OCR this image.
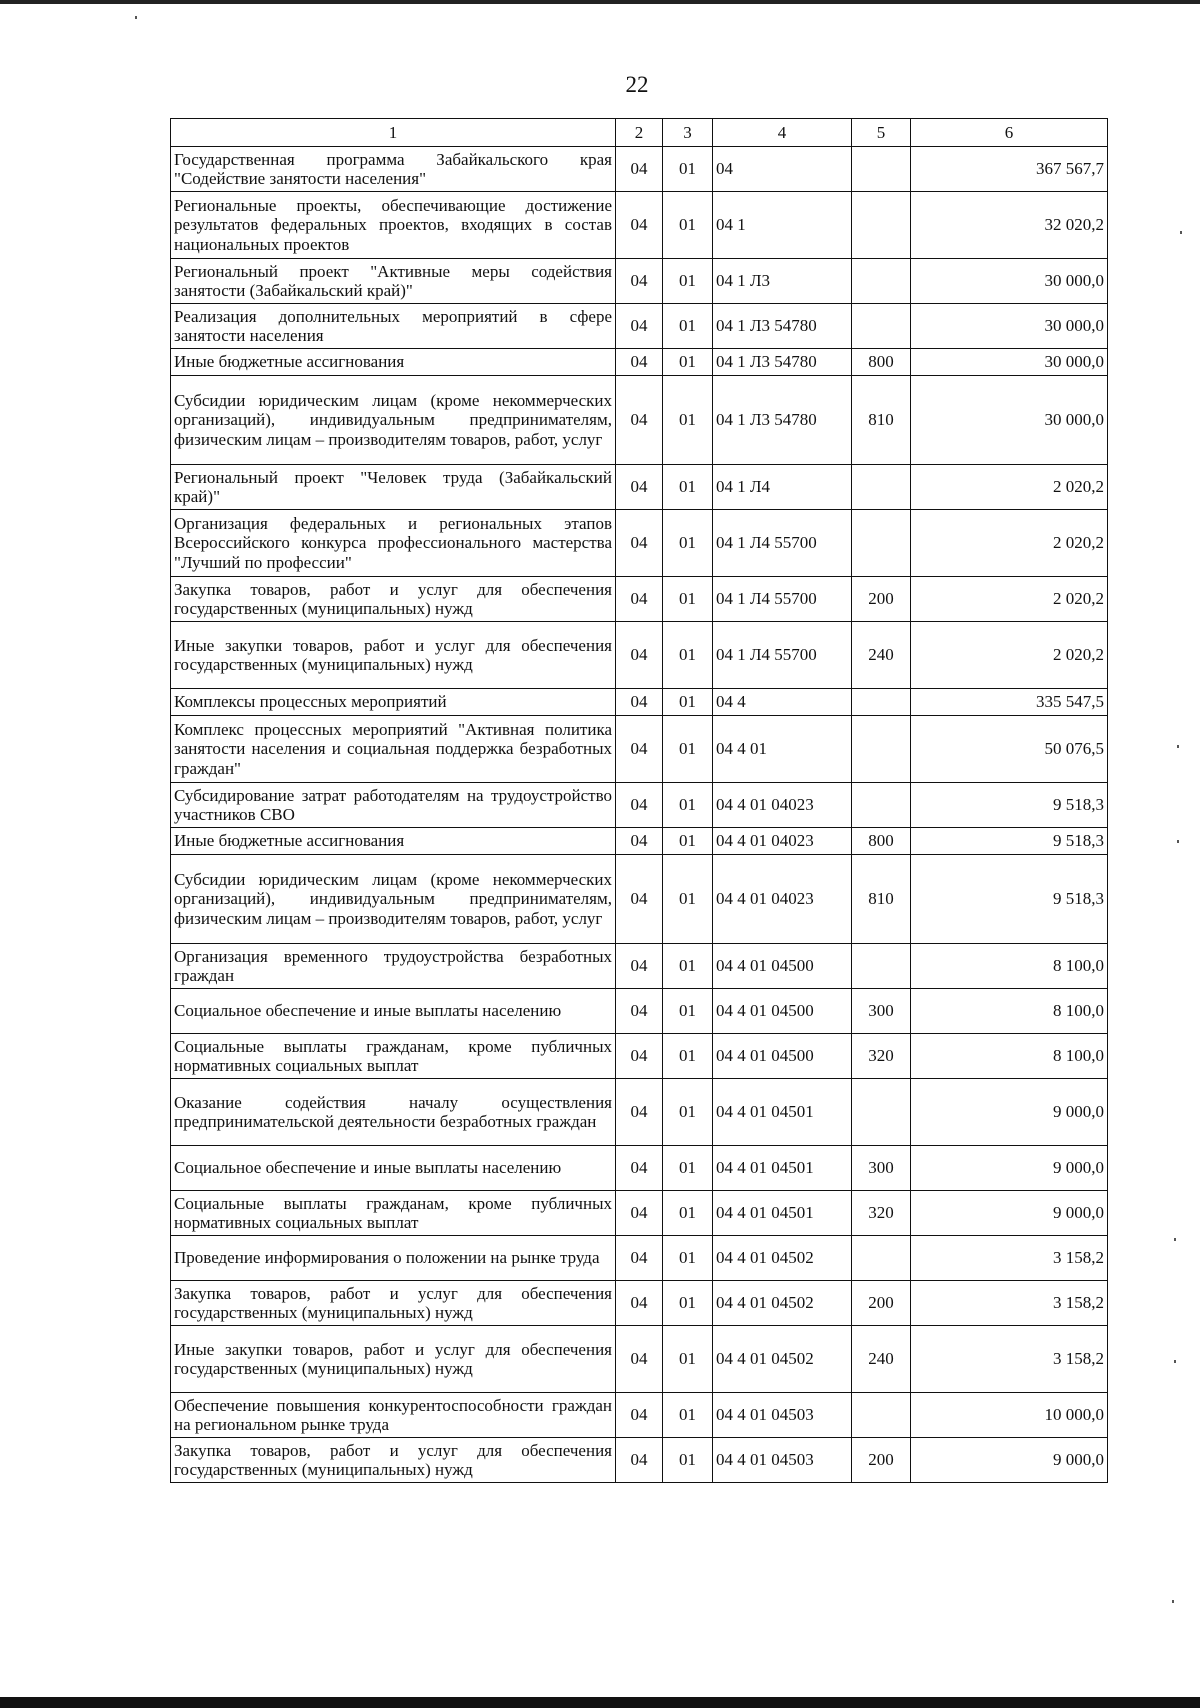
22
1	2	3	4	5	6
Государственная программа Забайкальского края "Содействие занятости населения"	04	01	04		367 567,7
Региональные проекты, обеспечивающие достижение результатов федеральных проектов, входящих в состав национальных проектов	04	01	04 1		32 020,2
Региональный проект "Активные меры содействия занятости (Забайкальский край)"	04	01	04 1 Л3		30 000,0
Реализация дополнительных мероприятий в сфере занятости населения	04	01	04 1 Л3 54780		30 000,0
Иные бюджетные ассигнования	04	01	04 1 Л3 54780	800	30 000,0
Субсидии юридическим лицам (кроме некоммерческих организаций), индивидуальным предпринимателям, физическим лицам – производителям товаров, работ, услуг	04	01	04 1 Л3 54780	810	30 000,0
Региональный проект "Человек труда (Забайкальский край)"	04	01	04 1 Л4		2 020,2
Организация федеральных и региональных этапов Всероссийского конкурса профессионального мастерства "Лучший по профессии"	04	01	04 1 Л4 55700		2 020,2
Закупка товаров, работ и услуг для обеспечения государственных (муниципальных) нужд	04	01	04 1 Л4 55700	200	2 020,2
Иные закупки товаров, работ и услуг для обеспечения государственных (муниципальных) нужд	04	01	04 1 Л4 55700	240	2 020,2
Комплексы процессных мероприятий	04	01	04 4		335 547,5
Комплекс процессных мероприятий "Активная политика занятости населения и социальная поддержка безработных граждан"	04	01	04 4 01		50 076,5
Субсидирование затрат работодателям на трудоустройство участников СВО	04	01	04 4 01 04023		9 518,3
Иные бюджетные ассигнования	04	01	04 4 01 04023	800	9 518,3
Субсидии юридическим лицам (кроме некоммерческих организаций), индивидуальным предпринимателям, физическим лицам – производителям товаров, работ, услуг	04	01	04 4 01 04023	810	9 518,3
Организация временного трудоустройства безработных граждан	04	01	04 4 01 04500		8 100,0
Социальное обеспечение и иные выплаты населению	04	01	04 4 01 04500	300	8 100,0
Социальные выплаты гражданам, кроме публичных нормативных социальных выплат	04	01	04 4 01 04500	320	8 100,0
Оказание содействия началу осуществления предпринимательской деятельности безработных граждан	04	01	04 4 01 04501		9 000,0
Социальное обеспечение и иные выплаты населению	04	01	04 4 01 04501	300	9 000,0
Социальные выплаты гражданам, кроме публичных нормативных социальных выплат	04	01	04 4 01 04501	320	9 000,0
Проведение информирования о положении на рынке труда	04	01	04 4 01 04502		3 158,2
Закупка товаров, работ и услуг для обеспечения государственных (муниципальных) нужд	04	01	04 4 01 04502	200	3 158,2
Иные закупки товаров, работ и услуг для обеспечения государственных (муниципальных) нужд	04	01	04 4 01 04502	240	3 158,2
Обеспечение повышения конкурентоспособности граждан на региональном рынке труда	04	01	04 4 01 04503		10 000,0
Закупка товаров, работ и услуг для обеспечения государственных (муниципальных) нужд	04	01	04 4 01 04503	200	9 000,0
